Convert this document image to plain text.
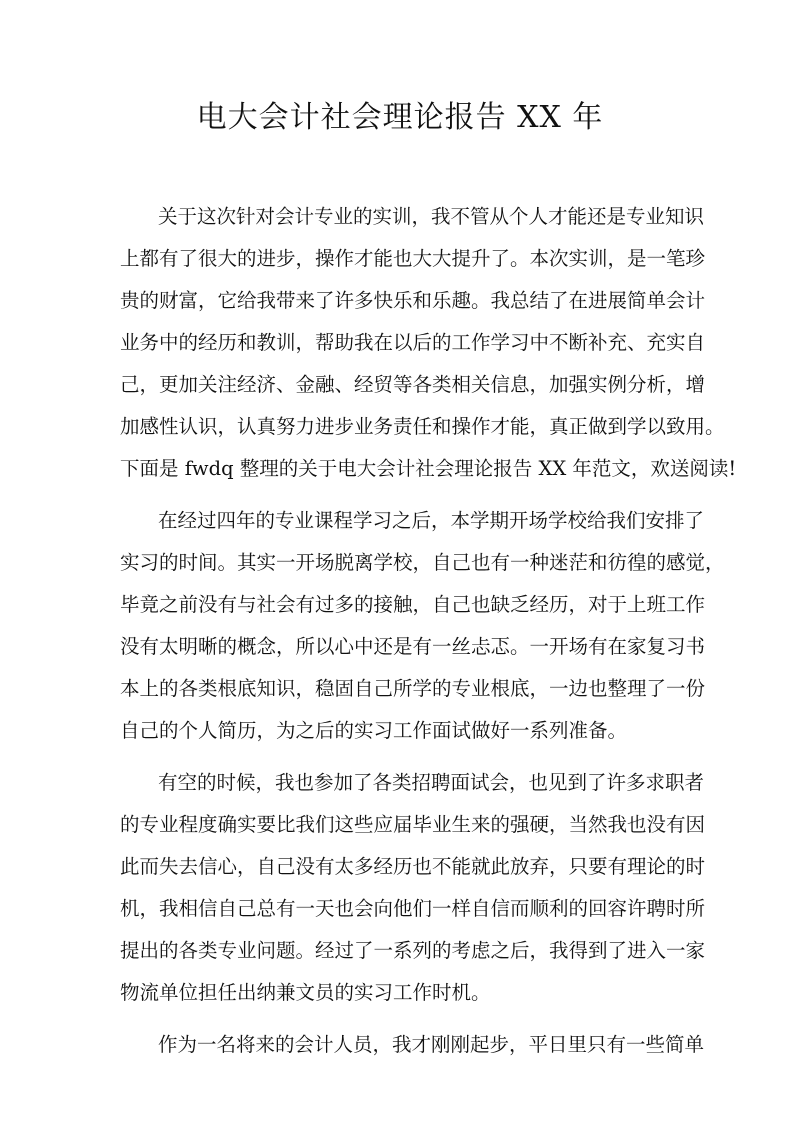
电大会计社会理论报告 XX 年

关于这次针对会计专业的实训，我不管从个人才能还是专业知识
上都有了很大的进步，操作才能也大大提升了。本次实训，是一笔珍
贵的财富，它给我带来了许多快乐和乐趣。我总结了在进展简单会计
业务中的经历和教训，帮助我在以后的工作学习中不断补充、充实自
己，更加关注经济、金融、经贸等各类相关信息，加强实例分析，增
加感性认识，认真努力进步业务责任和操作才能，真正做到学以致用。
下面是 fwdq 整理的关于电大会计社会理论报告 XX 年范文，欢送阅读!

在经过四年的专业课程学习之后，本学期开场学校给我们安排了
实习的时间。其实一开场脱离学校，自己也有一种迷茫和彷徨的感觉，
毕竟之前没有与社会有过多的接触，自己也缺乏经历，对于上班工作
没有太明晰的概念，所以心中还是有一丝忐忑。一开场有在家复习书
本上的各类根底知识，稳固自己所学的专业根底，一边也整理了一份
自己的个人简历，为之后的实习工作面试做好一系列准备。

有空的时候，我也参加了各类招聘面试会，也见到了许多求职者
的专业程度确实要比我们这些应届毕业生来的强硬，当然我也没有因
此而失去信心，自己没有太多经历也不能就此放弃，只要有理论的时
机，我相信自己总有一天也会向他们一样自信而顺利的回容许聘时所
提出的各类专业问题。经过了一系列的考虑之后，我得到了进入一家
物流单位担任出纳兼文员的实习工作时机。

作为一名将来的会计人员，我才刚刚起步，平日里只有一些简单
